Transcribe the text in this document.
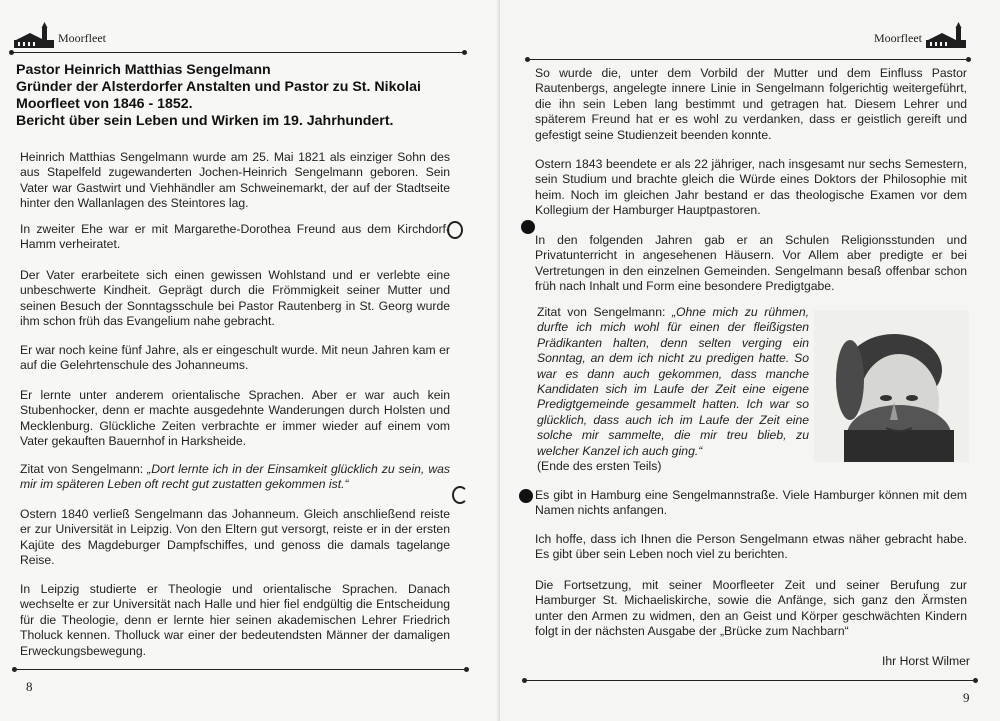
Moorfleet
Pastor Heinrich Matthias Sengelmann
Gründer der Alsterdorfer Anstalten und Pastor zu St. Nikolai
Moorfleet von 1846 - 1852.
Bericht über sein Leben und Wirken im 19. Jahrhundert.

Heinrich Matthias Sengelmann wurde am 25. Mai 1821 als einziger Sohn des aus Stapelfeld zugewanderten Jochen-Heinrich Sengelmann geboren. Sein Vater war Gastwirt und Viehhändler am Schweinemarkt, der auf der Stadtseite hinter den Wallanlagen des Steintores lag.

In zweiter Ehe war er mit Margarethe-Dorothea Freund aus dem Kirchdorf-Hamm verheiratet.

Der Vater erarbeitete sich einen gewissen Wohlstand und er verlebte eine unbeschwerte Kindheit. Geprägt durch die Frömmigkeit seiner Mutter und seinen Besuch der Sonntagsschule bei Pastor Rautenberg in St. Georg wurde ihm schon früh das Evangelium nahe gebracht.

Er war noch keine fünf Jahre, als er eingeschult wurde. Mit neun Jahren kam er auf die Gelehrtenschule des Johanneums.

Er lernte unter anderem orientalische Sprachen. Aber er war auch kein Stubenhocker, denn er machte ausgedehnte Wanderungen durch Holsten und Mecklenburg. Glückliche Zeiten verbrachte er immer wieder auf einem vom Vater gekauften Bauernhof in Harksheide.

Zitat von Sengelmann: „Dort lernte ich in der Einsamkeit glücklich zu sein, was mir im späteren Leben oft recht gut zustatten gekommen ist.“

Ostern 1840 verließ Sengelmann das Johanneum. Gleich anschließend reiste er zur Universität in Leipzig. Von den Eltern gut versorgt, reiste er in der ersten Kajüte des Magdeburger Dampfschiffes, und genoss die damals tagelange Reise.

In Leipzig studierte er Theologie und orientalische Sprachen. Danach wechselte er zur Universität nach Halle und hier fiel endgültig die Entscheidung für die Theologie, denn er lernte hier seinen akademischen Lehrer Friedrich Tholuck kennen. Tholluck war einer der bedeutendsten Männer der damaligen Erweckungsbewegung.

8
Moorfleet

So wurde die, unter dem Vorbild der Mutter und dem Einfluss Pastor Rautenbergs, angelegte innere Linie in Sengelmann folgerichtig weitergeführt, die ihn sein Leben lang bestimmt und getragen hat. Diesem Lehrer und späterem Freund hat er es wohl zu verdanken, dass er geistlich gereift und gefestigt seine Studienzeit beenden konnte.

Ostern 1843 beendete er als 22 jähriger, nach insgesamt nur sechs Semestern, sein Studium und brachte gleich die Würde eines Doktors der Philosophie mit heim. Noch im gleichen Jahr bestand er das theologische Examen vor dem Kollegium der Hamburger Hauptpastoren.

In den folgenden Jahren gab er an Schulen Religionsstunden und Privatunterricht in angesehenen Häusern. Vor Allem aber predigte er bei Vertretungen in den einzelnen Gemeinden. Sengelmann besaß offenbar schon früh nach Inhalt und Form eine besondere Predigtgabe.

Zitat von Sengelmann: „Ohne mich zu rühmen, durfte ich mich wohl für einen der fleißigsten Prädikanten halten, denn selten verging ein Sonntag, an dem ich nicht zu predigen hatte. So war es dann auch gekommen, dass manche Kandidaten sich im Laufe der Zeit eine eigene Predigtgemeinde gesammelt hatten. Ich war so glücklich, dass auch ich im Laufe der Zeit eine solche mir sammelte, die mir treu blieb, zu welcher Kanzel ich auch ging.“

(Ende des ersten Teils)

Es gibt in Hamburg eine Sengelmannstraße. Viele Hamburger können mit dem Namen nichts anfangen.

Ich hoffe, dass ich Ihnen die Person Sengelmann etwas näher gebracht habe. Es gibt über sein Leben noch viel zu berichten.

Die Fortsetzung, mit seiner Moorfleeter Zeit und seiner Berufung zur Hamburger St. Michaeliskirche, sowie die Anfänge, sich ganz den Ärmsten unter den Armen zu widmen, den an Geist und Körper geschwächten Kindern folgt in der nächsten Ausgabe der „Brücke zum Nachbarn“

Ihr Horst Wilmer
9
